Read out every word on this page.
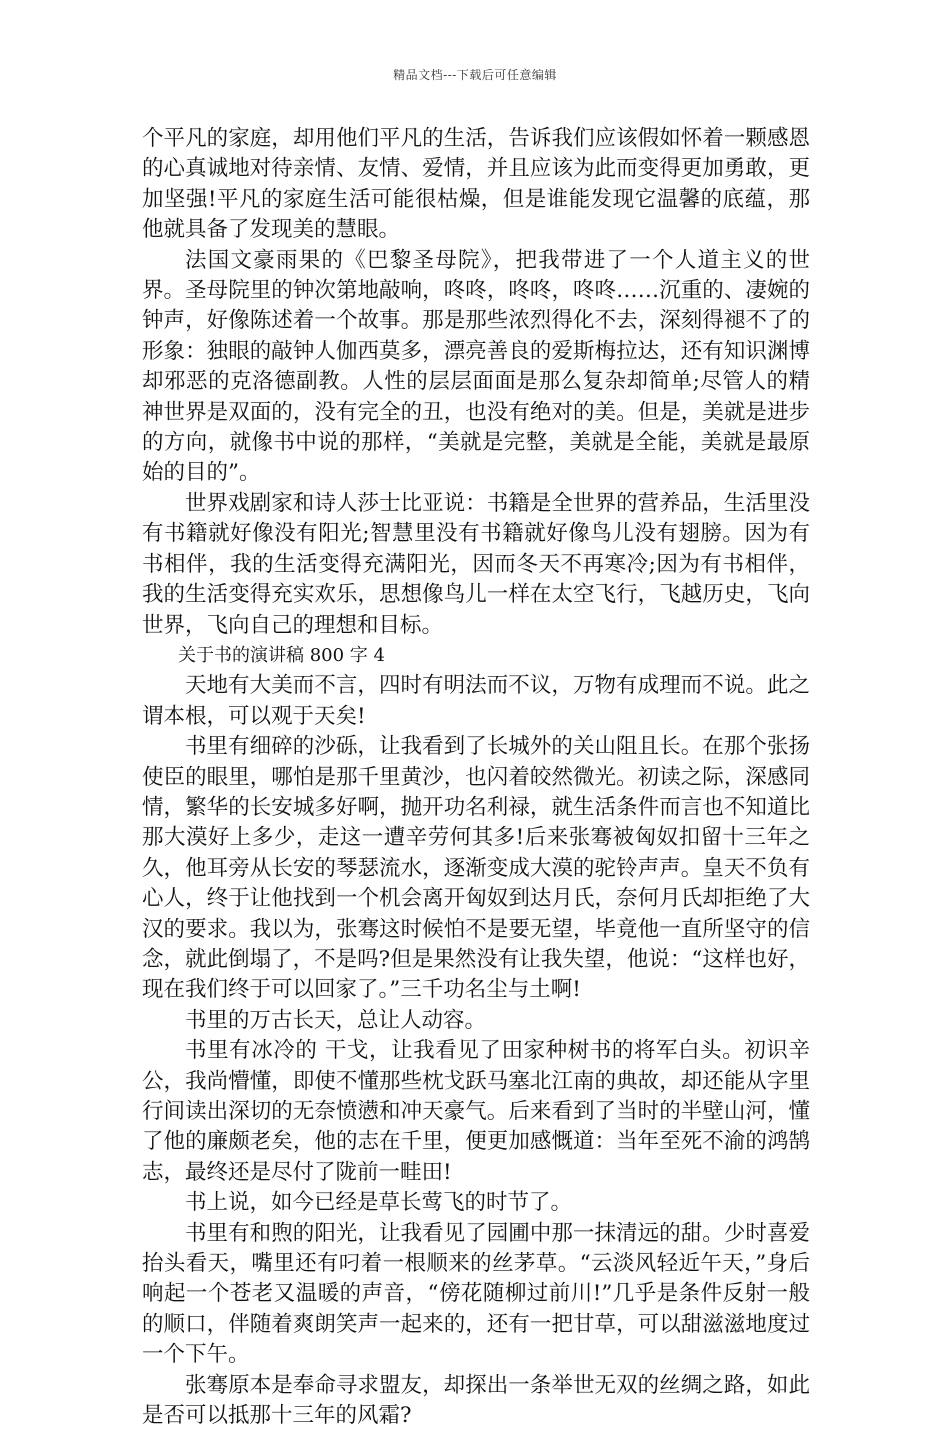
精品文档---下载后可任意编辑

个平凡的家庭，却用他们平凡的生活，告诉我们应该假如怀着一颗感恩的心真诚地对待亲情、友情、爱情，并且应该为此而变得更加勇敢，更加坚强!平凡的家庭生活可能很枯燥，但是谁能发现它温馨的底蕴，那他就具备了发现美的慧眼。

法国文豪雨果的《巴黎圣母院》，把我带进了一个人道主义的世界。圣母院里的钟次第地敲响，咚咚，咚咚，咚咚……沉重的、凄婉的钟声，好像陈述着一个故事。那是那些浓烈得化不去，深刻得褪不了的形象：独眼的敲钟人伽西莫多，漂亮善良的爱斯梅拉达，还有知识渊博却邪恶的克洛德副教。人性的层层面面是那么复杂却简单;尽管人的精神世界是双面的，没有完全的丑，也没有绝对的美。但是，美就是进步的方向，就像书中说的那样，“美就是完整，美就是全能，美就是最原始的目的”。

世界戏剧家和诗人莎士比亚说：书籍是全世界的营养品，生活里没有书籍就好像没有阳光;智慧里没有书籍就好像鸟儿没有翅膀。因为有书相伴，我的生活变得充满阳光，因而冬天不再寒冷;因为有书相伴，我的生活变得充实欢乐，思想像鸟儿一样在太空飞行，飞越历史，飞向世界，飞向自己的理想和目标。

关于书的演讲稿 800 字 4

天地有大美而不言，四时有明法而不议，万物有成理而不说。此之谓本根，可以观于天矣!

书里有细碎的沙砾，让我看到了长城外的关山阻且长。在那个张扬使臣的眼里，哪怕是那千里黄沙，也闪着皎然微光。初读之际，深感同情，繁华的长安城多好啊，抛开功名利禄，就生活条件而言也不知道比那大漠好上多少，走这一遭辛劳何其多!后来张骞被匈奴扣留十三年之久，他耳旁从长安的琴瑟流水，逐渐变成大漠的驼铃声声。皇天不负有心人，终于让他找到一个机会离开匈奴到达月氏，奈何月氏却拒绝了大汉的要求。我以为，张骞这时候怕不是要无望，毕竟他一直所坚守的信念，就此倒塌了，不是吗?但是果然没有让我失望，他说：“这样也好，现在我们终于可以回家了。”三千功名尘与土啊!

书里的万古长天，总让人动容。

书里有冰冷的 干戈，让我看见了田家种树书的将军白头。初识辛公，我尚懵懂，即使不懂那些枕戈跃马塞北江南的典故，却还能从字里行间读出深切的无奈愤懑和冲天豪气。后来看到了当时的半壁山河，懂了他的廉颇老矣，他的志在千里，便更加感慨道：当年至死不渝的鸿鹄志，最终还是尽付了陇前一畦田!

书上说，如今已经是草长莺飞的时节了。

书里有和煦的阳光，让我看见了园圃中那一抹清远的甜。少时喜爱抬头看天，嘴里还有叼着一根顺来的丝茅草。“云淡风轻近午天，”身后响起一个苍老又温暖的声音，“傍花随柳过前川!”几乎是条件反射一般的顺口，伴随着爽朗笑声一起来的，还有一把甘草，可以甜滋滋地度过一个下午。

张骞原本是奉命寻求盟友，却探出一条举世无双的丝绸之路，如此是否可以抵那十三年的风霜?
